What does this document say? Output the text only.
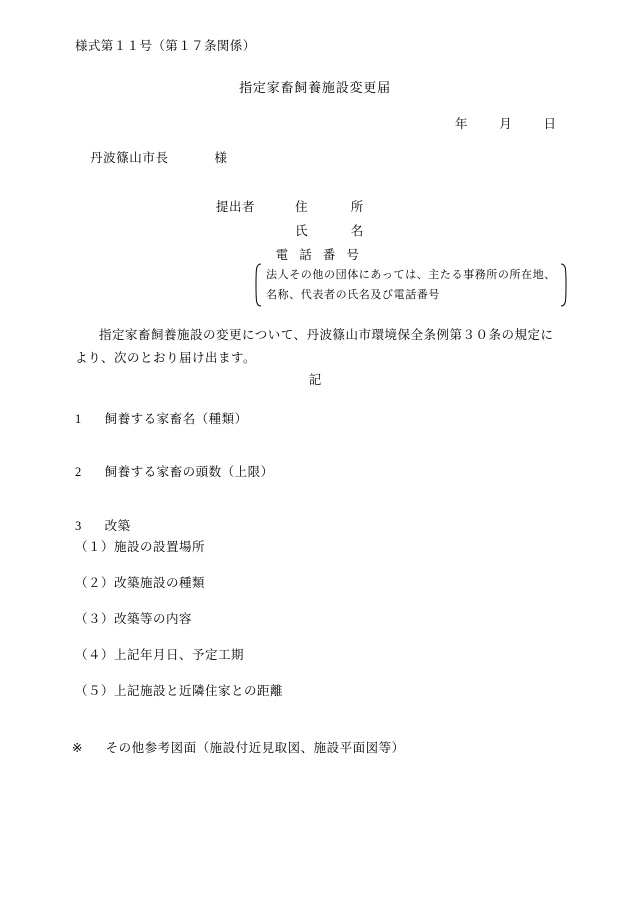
様式第１１号（第１７条関係）
指定家畜飼養施設変更届
年	月	日
丹波篠山市長	様
提出者	住	所
氏	名
電 話 番 号
法人その他の団体にあっては、主たる事務所の所在地、
名称、代表者の氏名及び電話番号
指定家畜飼養施設の変更について、丹波篠山市環境保全条例第３０条の規定により、次のとおり届け出ます。
記
1 飼養する家畜名（種類）
2 飼養する家畜の頭数（上限）
3 改築
（１）施設の設置場所
（２）改築施設の種類
（３）改築等の内容
（４）上記年月日、予定工期
（５）上記施設と近隣住家との距離
※ その他参考図面（施設付近見取図、施設平面図等）
